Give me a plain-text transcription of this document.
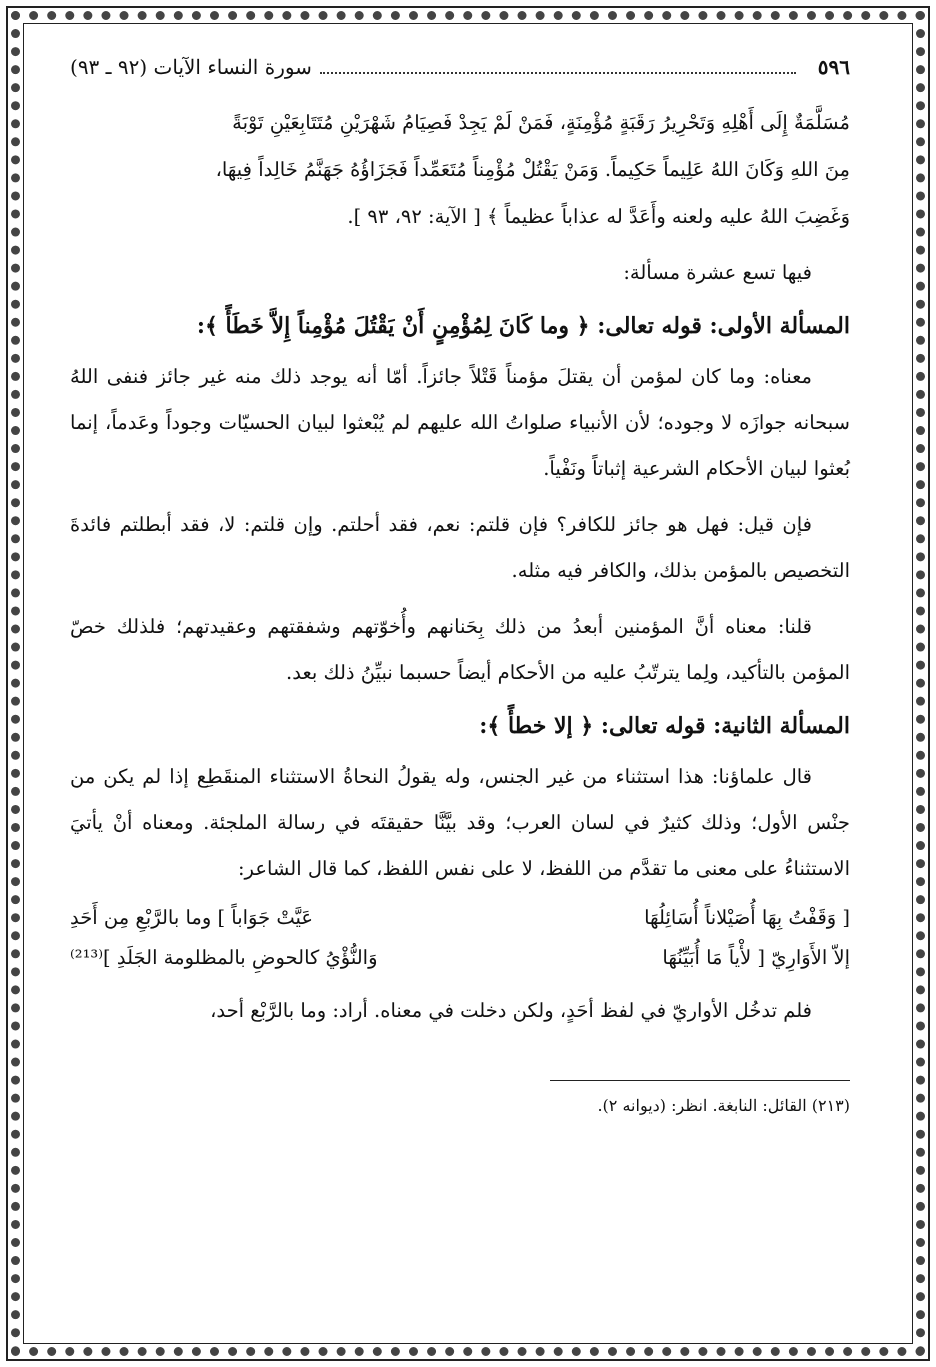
٥٩٦
سورة النساء الآيات (٩٢ ـ ٩٣)
مُسَلَّمَةٌ إِلَى أَهْلِهِ وَتَحْرِيرُ رَقَبَةٍ مُؤْمِنَةٍ، فَمَنْ لَمْ يَجِدْ فَصِيَامُ شَهْرَيْنِ مُتَتَابِعَيْنِ تَوْبَةً
مِنَ اللهِ وَكَانَ اللهُ عَلِيماً حَكِيماً. وَمَنْ يَقْتُلْ مُؤْمِناً مُتَعَمِّداً فَجَزَاؤُهُ جَهَنَّمُ خَالِداً فِيهَا،
وَغَضِبَ اللهُ عليه ولعنه وأَعَدَّ له عذاباً عظيماً ﴾ [ الآية: ٩٢، ٩٣ ].

فيها تسع عشرة مسألة:

المسألة الأولى: قوله تعالى: ﴿ وما كَانَ لِمُؤْمِنٍ أَنْ يَقْتُلَ مُؤْمِناً إِلاَّ خَطَأً ﴾:

معناه: وما كان لمؤمن أن يقتلَ مؤمناً قَتْلاً جائزاً. أمّا أنه يوجد ذلك منه غير جائز فنفى اللهُ سبحانه جوازَه لا وجوده؛ لأن الأنبياء صلواتُ الله عليهم لم يُبْعثوا لبيان الحسيّات وجوداً وعَدماً، إنما بُعثوا لبيان الأحكام الشرعية إثباتاً ونَفْياً.

فإن قيل: فهل هو جائز للكافر؟ فإن قلتم: نعم، فقد أحلتم. وإن قلتم: لا، فقد أبطلتم فائدةَ التخصيص بالمؤمن بذلك، والكافر فيه مثله.

قلنا: معناه أنَّ المؤمنين أبعدُ من ذلك بِحَنانهم وأُخوّتهم وشفقتهم وعقيدتهم؛ فلذلك خصّ المؤمن بالتأكيد، ولِما يترتّبُ عليه من الأحكام أيضاً حسبما نبيِّنُ ذلك بعد.

المسألة الثانية: قوله تعالى: ﴿ إلا خطأً ﴾:

قال علماؤنا: هذا استثناء من غير الجنس، وله يقولُ النحاةُ الاستثناء المنقَطِع إذا لم يكن من جنْس الأول؛ وذلك كثيرٌ في لسان العرب؛ وقد بيَّنَّا حقيقتَه في رسالة الملجئة. ومعناه أنْ يأتيَ الاستثناءُ على معنى ما تقدَّم من اللفظ، لا على نفس اللفظ، كما قال الشاعر:

[ وَقَفْتُ بِهَا أُصَيْلاناً أُسَائِلُهَا
عَيَّتْ جَوَاباً ] وما بالرَّبْعِ مِن أَحَدِ
إلاّ الأَوَارِيّ [ لأْياً مَا أُبَيِّنُهَا
وَالنُّؤْيُ كالحوضِ بالمظلومة الجَلَدِ ]⁽²¹³⁾

فلم تدخُل الأواريّ في لفظ أحَدٍ، ولكن دخلت في معناه. أراد: وما بالرَّبْع أحد،

(٢١٣) القائل: النابغة. انظر: (ديوانه ٢).
